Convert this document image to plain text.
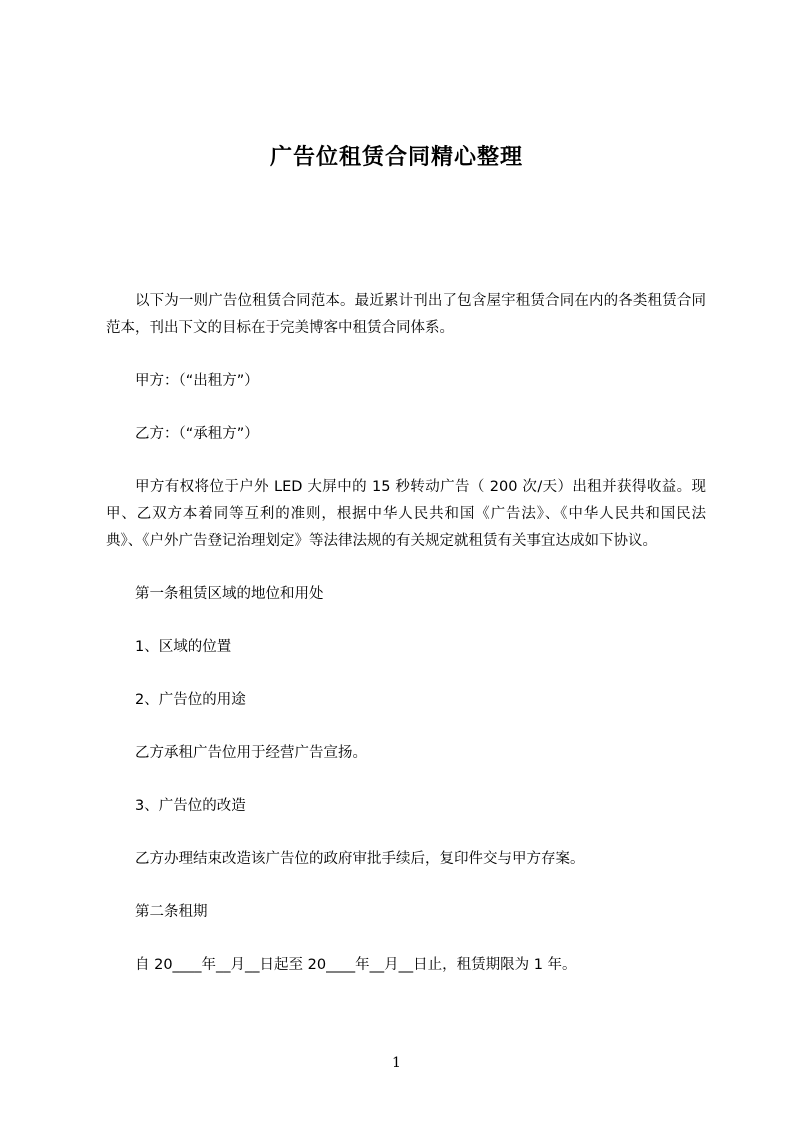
广告位租赁合同精心整理

以下为一则广告位租赁合同范本。最近累计刊出了包含屋宇租赁合同在内的各类租赁合同范本，刊出下文的目标在于完美博客中租赁合同体系。

甲方：（“出租方”）

乙方：（“承租方”）

甲方有权将位于户外 LED 大屏中的 15 秒转动广告（ 200 次/天）出租并获得收益。现甲、乙双方本着同等互利的准则，根据中华人民共和国《广告法》、《中华人民共和国民法典》、《户外广告登记治理划定》等法律法规的有关规定就租赁有关事宜达成如下协议。

第一条租赁区域的地位和用处

1、区域的位置

2、广告位的用途

乙方承租广告位用于经营广告宣扬。

3、广告位的改造

乙方办理结束改造该广告位的政府审批手续后，复印件交与甲方存案。

第二条租期

自 20____年__月__日起至 20____年__月__日止，租赁期限为 1 年。

1
